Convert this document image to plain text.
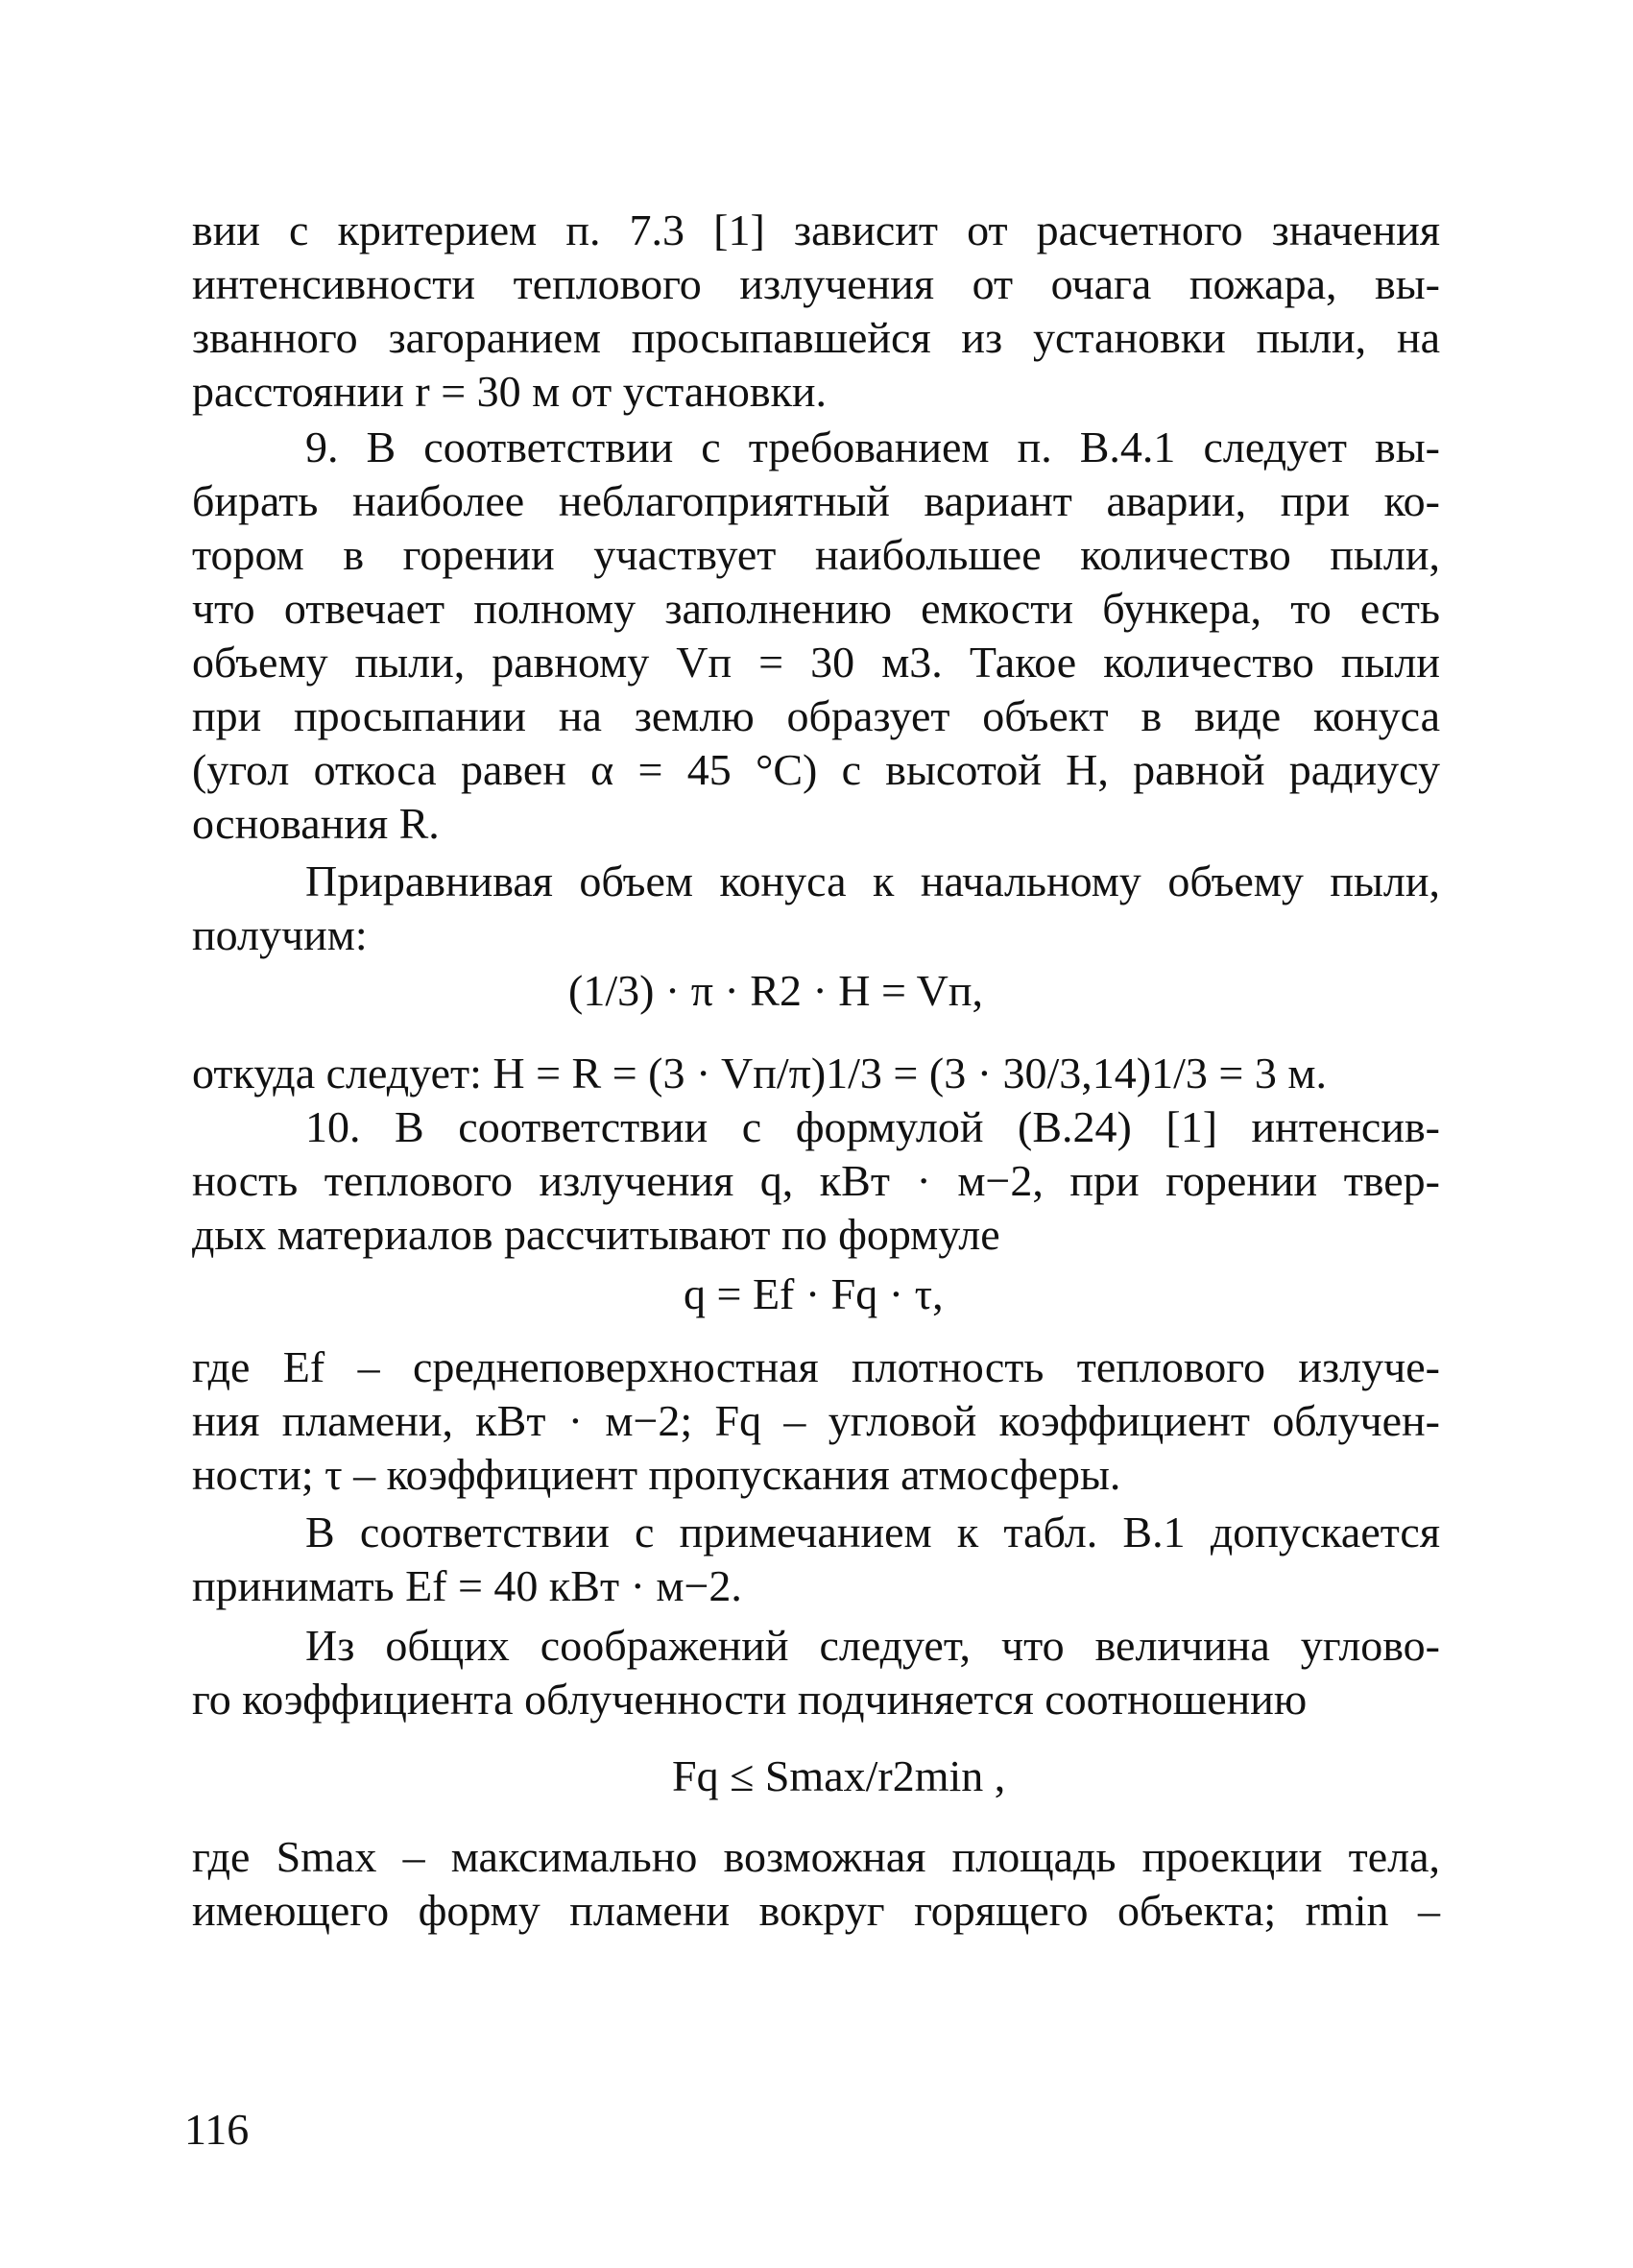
вии с критерием п. 7.3 [1] зависит от расчетного значения
интенсивности теплового излучения от очага пожара, вы-
званного загоранием просыпавшейся из установки пыли, на
расстоянии r = 30 м от установки.
9. В соответствии с требованием п. В.4.1 следует вы-
бирать наиболее неблагоприятный вариант аварии, при ко-
тором в горении участвует наибольшее количество пыли,
что отвечает полному заполнению емкости бункера, то есть
объему пыли, равному Vп = 30 м3. Такое количество пыли
при просыпании на землю образует объект в виде конуса
(угол откоса равен α = 45 °С) с высотой H, равной радиусу
основания R.
Приравнивая объем конуса к начальному объему пыли,
получим:
(1/3) · π · R2 · H = Vп,
откуда следует: H = R = (3 · Vп/π)1/3 = (3 · 30/3,14)1/3 = 3 м.
10. В соответствии с формулой (В.24) [1] интенсив-
ность теплового излучения q, кВт · м−2, при горении твер-
дых материалов рассчитывают по формуле
q = Ef · Fq · τ,
где Ef – среднеповерхностная плотность теплового излуче-
ния пламени, кВт · м−2; Fq – угловой коэффициент облучен-
ности; τ – коэффициент пропускания атмосферы.
В соответствии с примечанием к табл. В.1 допускается
принимать Ef = 40 кВт · м−2.
Из общих соображений следует, что величина углово-
го коэффициента облученности подчиняется соотношению
Fq ≤ Smax/r2min ,
где Smax – максимально возможная площадь проекции тела,
имеющего форму пламени вокруг горящего объекта; rmin –
116
